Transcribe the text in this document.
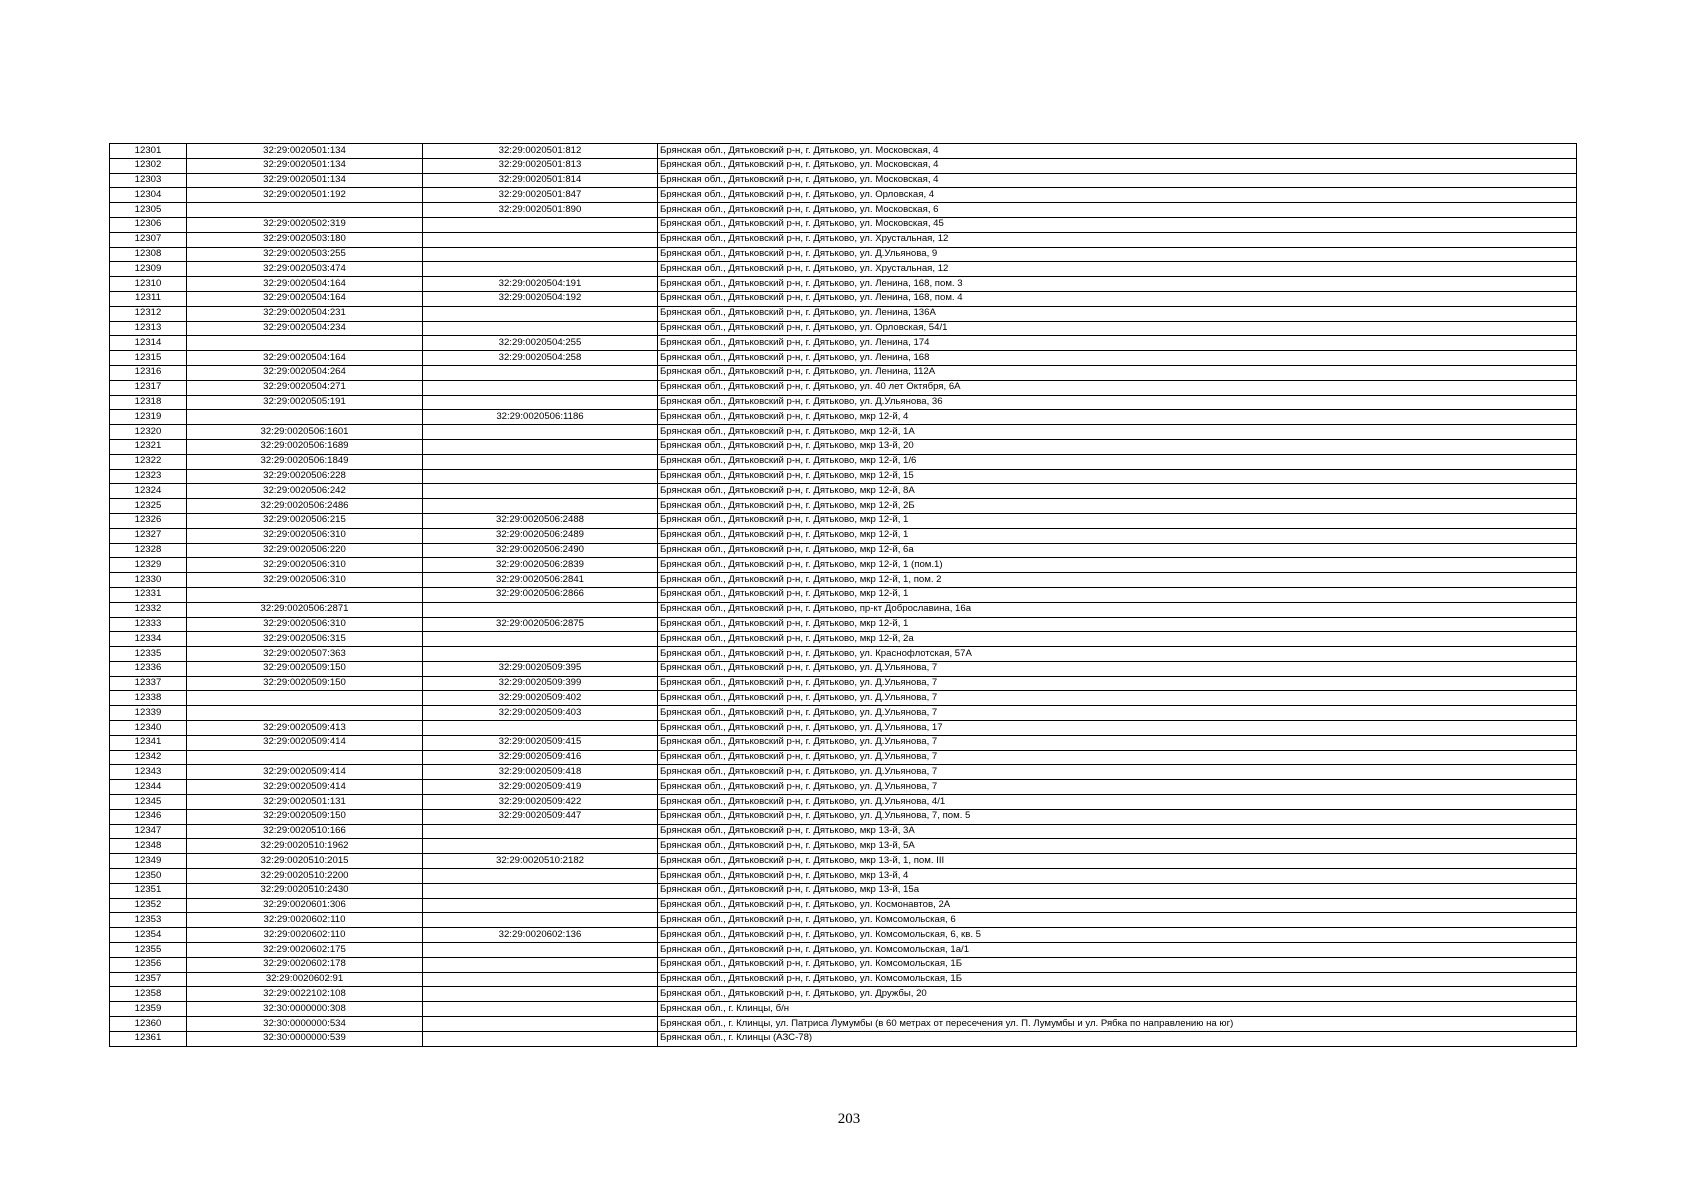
12301	32:29:0020501:134	32:29:0020501:812	Брянская обл., Дятьковский р-н, г. Дятьково, ул. Московская, 4
12302	32:29:0020501:134	32:29:0020501:813	Брянская обл., Дятьковский р-н, г. Дятьково, ул. Московская, 4
12303	32:29:0020501:134	32:29:0020501:814	Брянская обл., Дятьковский р-н, г. Дятьково, ул. Московская, 4
12304	32:29:0020501:192	32:29:0020501:847	Брянская обл., Дятьковский р-н, г. Дятьково, ул. Орловская, 4
12305		32:29:0020501:890	Брянская обл., Дятьковский р-н, г. Дятьково, ул. Московская, 6
12306	32:29:0020502:319		Брянская обл., Дятьковский р-н, г. Дятьково, ул. Московская, 45
12307	32:29:0020503:180		Брянская обл., Дятьковский р-н, г. Дятьково, ул. Хрустальная, 12
12308	32:29:0020503:255		Брянская обл., Дятьковский р-н, г. Дятьково, ул. Д.Ульянова, 9
12309	32:29:0020503:474		Брянская обл., Дятьковский р-н, г. Дятьково, ул. Хрустальная, 12
12310	32:29:0020504:164	32:29:0020504:191	Брянская обл., Дятьковский р-н, г. Дятьково, ул. Ленина, 168, пом. 3
12311	32:29:0020504:164	32:29:0020504:192	Брянская обл., Дятьковский р-н, г. Дятьково, ул. Ленина, 168, пом. 4
12312	32:29:0020504:231		Брянская обл., Дятьковский р-н, г. Дятьково, ул. Ленина, 136А
12313	32:29:0020504:234		Брянская обл., Дятьковский р-н, г. Дятьково, ул. Орловская, 54/1
12314		32:29:0020504:255	Брянская обл., Дятьковский р-н, г. Дятьково, ул. Ленина, 174
12315	32:29:0020504:164	32:29:0020504:258	Брянская обл., Дятьковский р-н, г. Дятьково, ул. Ленина, 168
12316	32:29:0020504:264		Брянская обл., Дятьковский р-н, г. Дятьково, ул. Ленина, 112А
12317	32:29:0020504:271		Брянская обл., Дятьковский р-н, г. Дятьково, ул. 40 лет Октября, 6А
12318	32:29:0020505:191		Брянская обл., Дятьковский р-н, г. Дятьково, ул. Д.Ульянова, 36
12319		32:29:0020506:1186	Брянская обл., Дятьковский р-н, г. Дятьково, мкр 12-й, 4
12320	32:29:0020506:1601		Брянская обл., Дятьковский р-н, г. Дятьково, мкр 12-й, 1А
12321	32:29:0020506:1689		Брянская обл., Дятьковский р-н, г. Дятьково, мкр 13-й, 20
12322	32:29:0020506:1849		Брянская обл., Дятьковский р-н, г. Дятьково, мкр 12-й, 1/6
12323	32:29:0020506:228		Брянская обл., Дятьковский р-н, г. Дятьково, мкр 12-й, 15
12324	32:29:0020506:242		Брянская обл., Дятьковский р-н, г. Дятьково, мкр 12-й, 8А
12325	32:29:0020506:2486		Брянская обл., Дятьковский р-н, г. Дятьково, мкр 12-й, 2Б
12326	32:29:0020506:215	32:29:0020506:2488	Брянская обл., Дятьковский р-н, г. Дятьково, мкр 12-й, 1
12327	32:29:0020506:310	32:29:0020506:2489	Брянская обл., Дятьковский р-н, г. Дятьково, мкр 12-й, 1
12328	32:29:0020506:220	32:29:0020506:2490	Брянская обл., Дятьковский р-н, г. Дятьково, мкр 12-й, 6а
12329	32:29:0020506:310	32:29:0020506:2839	Брянская обл., Дятьковский р-н, г. Дятьково, мкр 12-й, 1 (пом.1)
12330	32:29:0020506:310	32:29:0020506:2841	Брянская обл., Дятьковский р-н, г. Дятьково, мкр 12-й, 1, пом. 2
12331		32:29:0020506:2866	Брянская обл., Дятьковский р-н, г. Дятьково, мкр 12-й, 1
12332	32:29:0020506:2871		Брянская обл., Дятьковский р-н, г. Дятьково, пр-кт Доброславина, 16а
12333	32:29:0020506:310	32:29:0020506:2875	Брянская обл., Дятьковский р-н, г. Дятьково, мкр 12-й, 1
12334	32:29:0020506:315		Брянская обл., Дятьковский р-н, г. Дятьково, мкр 12-й, 2а
12335	32:29:0020507:363		Брянская обл., Дятьковский р-н, г. Дятьково, ул. Краснофлотская, 57А
12336	32:29:0020509:150	32:29:0020509:395	Брянская обл., Дятьковский р-н, г. Дятьково, ул. Д.Ульянова, 7
12337	32:29:0020509:150	32:29:0020509:399	Брянская обл., Дятьковский р-н, г. Дятьково, ул. Д.Ульянова, 7
12338		32:29:0020509:402	Брянская обл., Дятьковский р-н, г. Дятьково, ул. Д.Ульянова, 7
12339		32:29:0020509:403	Брянская обл., Дятьковский р-н, г. Дятьково, ул. Д.Ульянова, 7
12340	32:29:0020509:413		Брянская обл., Дятьковский р-н, г. Дятьково, ул. Д.Ульянова, 17
12341	32:29:0020509:414	32:29:0020509:415	Брянская обл., Дятьковский р-н, г. Дятьково, ул. Д.Ульянова, 7
12342		32:29:0020509:416	Брянская обл., Дятьковский р-н, г. Дятьково, ул. Д.Ульянова, 7
12343	32:29:0020509:414	32:29:0020509:418	Брянская обл., Дятьковский р-н, г. Дятьково, ул. Д.Ульянова, 7
12344	32:29:0020509:414	32:29:0020509:419	Брянская обл., Дятьковский р-н, г. Дятьково, ул. Д.Ульянова, 7
12345	32:29:0020501:131	32:29:0020509:422	Брянская обл., Дятьковский р-н, г. Дятьково, ул. Д.Ульянова, 4/1
12346	32:29:0020509:150	32:29:0020509:447	Брянская обл., Дятьковский р-н, г. Дятьково, ул. Д.Ульянова, 7, пом. 5
12347	32:29:0020510:166		Брянская обл., Дятьковский р-н, г. Дятьково, мкр 13-й, 3А
12348	32:29:0020510:1962		Брянская обл., Дятьковский р-н, г. Дятьково, мкр 13-й, 5А
12349	32:29:0020510:2015	32:29:0020510:2182	Брянская обл., Дятьковский р-н, г. Дятьково, мкр 13-й, 1, пом. III
12350	32:29:0020510:2200		Брянская обл., Дятьковский р-н, г. Дятьково, мкр 13-й, 4
12351	32:29:0020510:2430		Брянская обл., Дятьковский р-н, г. Дятьково, мкр 13-й, 15а
12352	32:29:0020601:306		Брянская обл., Дятьковский р-н, г. Дятьково, ул. Космонавтов, 2А
12353	32:29:0020602:110		Брянская обл., Дятьковский р-н, г. Дятьково, ул. Комсомольская, 6
12354	32:29:0020602:110	32:29:0020602:136	Брянская обл., Дятьковский р-н, г. Дятьково, ул. Комсомольская, 6, кв. 5
12355	32:29:0020602:175		Брянская обл., Дятьковский р-н, г. Дятьково, ул. Комсомольская, 1а/1
12356	32:29:0020602:178		Брянская обл., Дятьковский р-н, г. Дятьково, ул. Комсомольская, 1Б
12357	32:29:0020602:91		Брянская обл., Дятьковский р-н, г. Дятьково, ул. Комсомольская, 1Б
12358	32:29:0022102:108		Брянская обл., Дятьковский р-н, г. Дятьково, ул. Дружбы, 20
12359	32:30:0000000:308		Брянская обл., г. Клинцы, б/н
12360	32:30:0000000:534		Брянская обл., г. Клинцы, ул. Патриса Лумумбы (в 60 метрах от пересечения ул. П. Лумумбы и ул. Рябка по направлению на юг)
12361	32:30:0000000:539		Брянская обл., г. Клинцы (АЗС-78)
203
